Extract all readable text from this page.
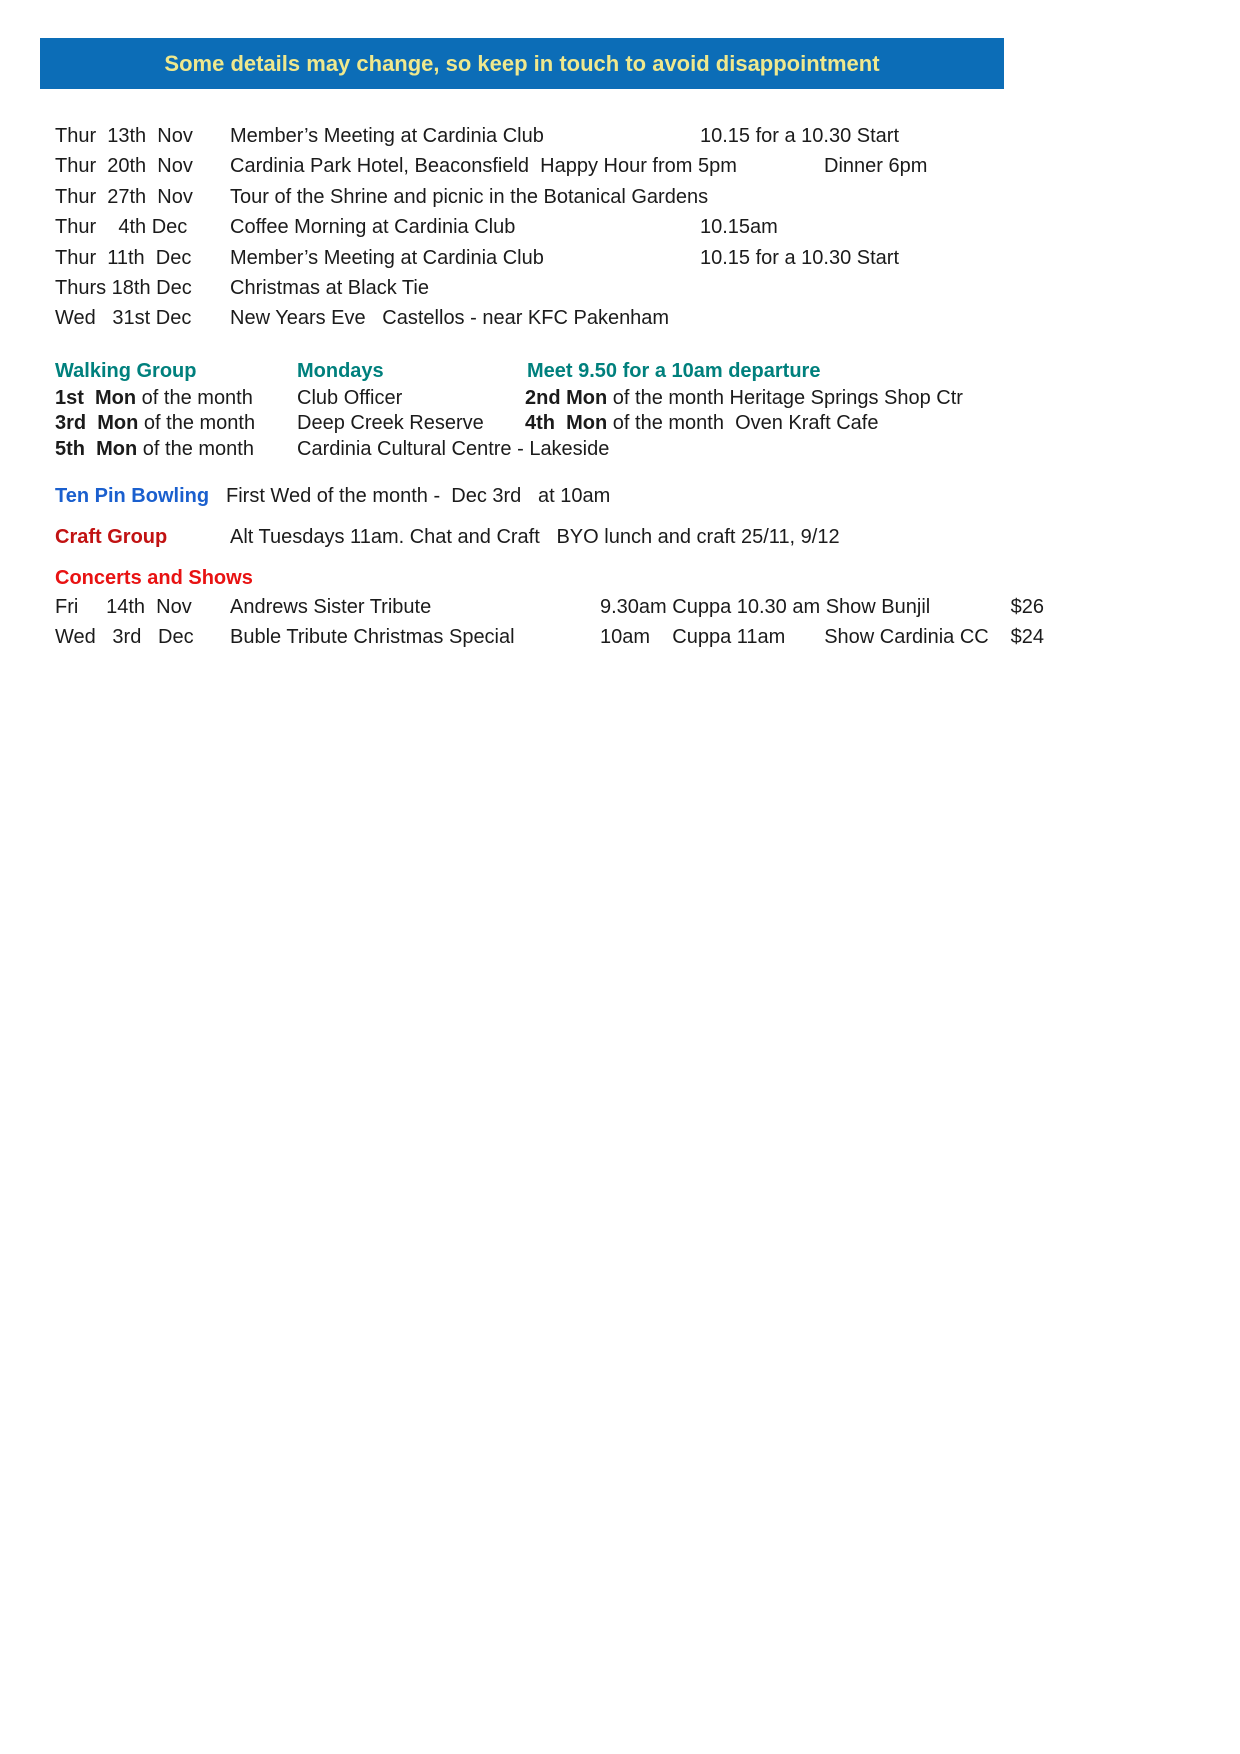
Some details may change, so keep in touch to avoid disappointment
Thur  13th  Nov Member’s Meeting at Cardinia Club	10.15 for a 10.30 Start
Thur  20th  Nov Cardinia Park Hotel, Beaconsfield  Happy Hour from 5pm	Dinner 6pm
Thur  27th  Nov Tour of the Shrine and picnic in the Botanical Gardens
Thur    4th Dec Coffee Morning at Cardinia Club	10.15am
Thur  11th  Dec Member’s Meeting at Cardinia Club	10.15 for a 10.30 Start
Thurs 18th Dec Christmas at Black Tie
Wed   31st Dec New Years Eve   Castellos - near KFC Pakenham
Walking Group	Mondays	Meet 9.50 for a 10am departure
1st  Mon of the month Club Officer	2nd Mon of the month Heritage Springs Shop Ctr
3rd  Mon of the month Deep Creek Reserve 4th  Mon of the month  Oven Kraft Cafe
5th  Mon of the month Cardinia Cultural Centre - Lakeside
Ten Pin Bowling First Wed of the month -  Dec 3rd   at 10am
Craft Group	Alt Tuesdays 11am. Chat and Craft   BYO lunch and craft 25/11, 9/12
Concerts and Shows
Fri     14th  Nov Andrews Sister Tribute	9.30am Cuppa 10.30 am Show Bunjil	$26
Wed   3rd   Dec Buble Tribute Christmas Special	10am    Cuppa 11am       Show Cardinia CC $24
